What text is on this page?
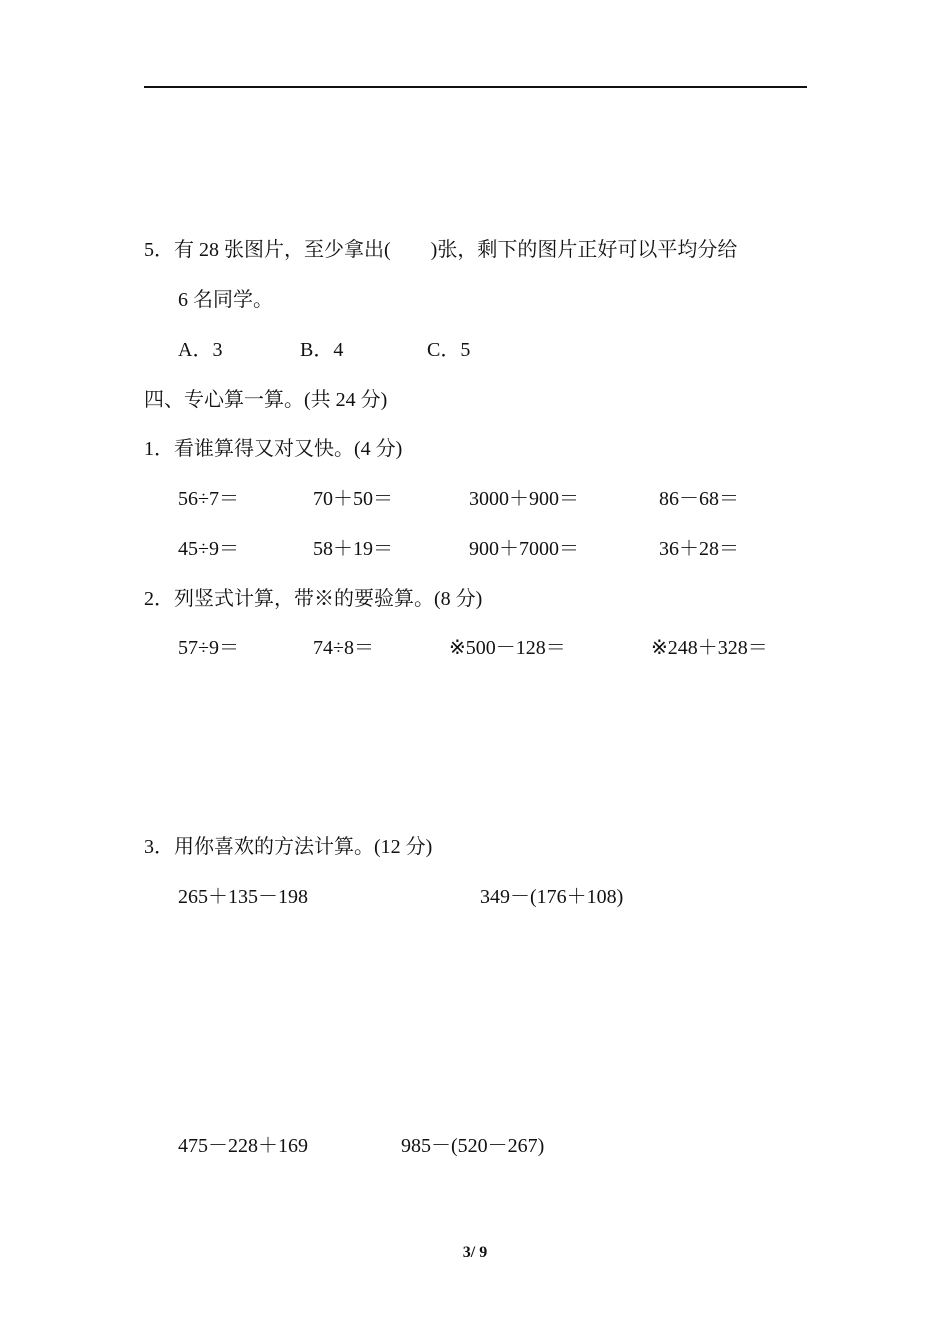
5．有 28 张图片，至少拿出(　　)张，剩下的图片正好可以平均分给
6 名同学。
A．3	B．4	C．5
四、专心算一算。(共 24 分)
1．看谁算得又对又快。(4 分)
56÷7＝	70＋50＝	3000＋900＝	86－68＝
45÷9＝	58＋19＝	900＋7000＝	36＋28＝
2．列竖式计算，带※的要验算。(8 分)
57÷9＝	74÷8＝	※500－128＝	※248＋328＝
3．用你喜欢的方法计算。(12 分)
265＋135－198	349－(176＋108)
475－228＋169	985－(520－267)
3/ 9
